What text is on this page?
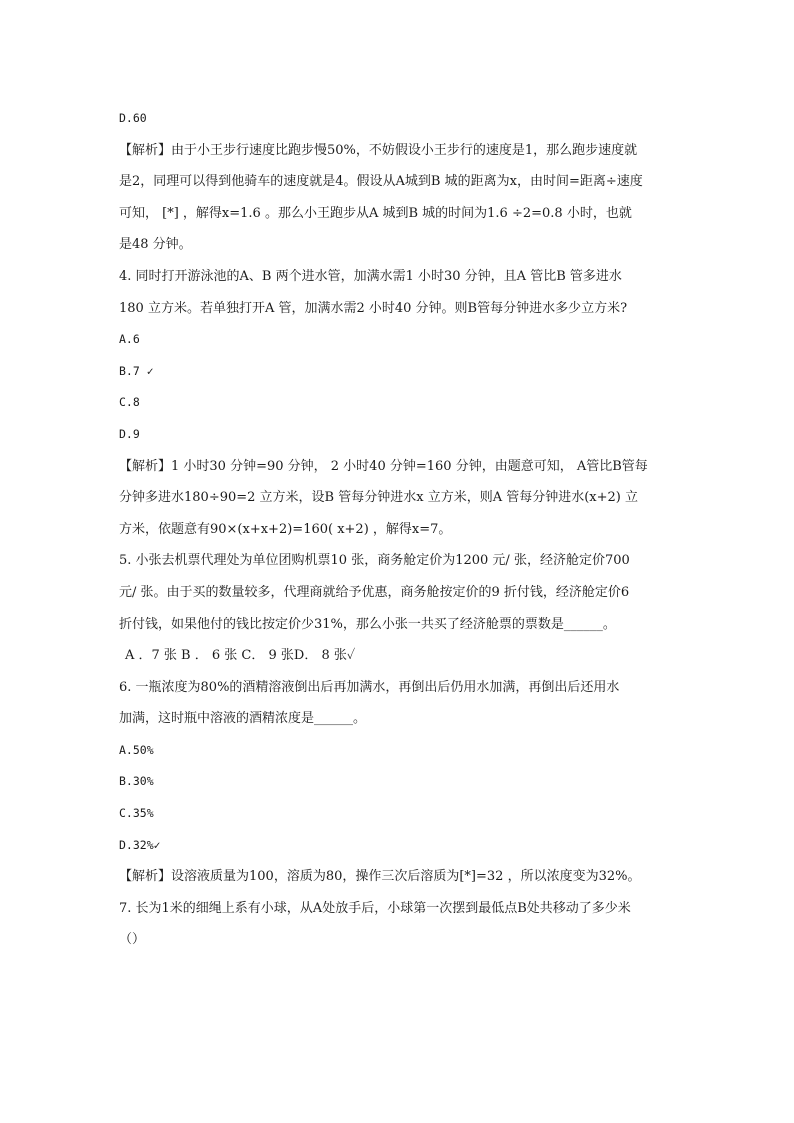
D.60
【解析】由于小王步行速度比跑步慢50%，不妨假设小王步行的速度是1，那么跑步速度就
是2，同理可以得到他骑车的速度就是4。假设从A城到B 城的距离为x，由时间=距离÷速度
可知， [*] ，解得x=1.6 。那么小王跑步从A 城到B 城的时间为1.6 ÷2=0.8 小时，也就
是48 分钟。
4. 同时打开游泳池的A、B 两个进水管，加满水需1 小时30 分钟，且A 管比B 管多进水
180 立方米。若单独打开A 管，加满水需2 小时40 分钟。则B管每分钟进水多少立方米?
A.6
B.7 ✓
C.8
D.9
【解析】1 小时30 分钟=90 分钟， 2 小时40 分钟=160 分钟，由题意可知， A管比B管每
分钟多进水180÷90=2 立方米，设B 管每分钟进水x 立方米，则A 管每分钟进水(x+2) 立
方米，依题意有90×(x+x+2)=160( x+2) ，解得x=7。
5. 小张去机票代理处为单位团购机票10 张，商务舱定价为1200 元/ 张，经济舱定价700
元/ 张。由于买的数量较多，代理商就给予优惠，商务舱按定价的9 折付钱，经济舱定价6
折付钱，如果他付的钱比按定价少31%，那么小张一共买了经济舱票的票数是______。
A ．7 张 B ． 6 张 C． 9 张D． 8 张✓
6. 一瓶浓度为80%的酒精溶液倒出后再加满水，再倒出后仍用水加满，再倒出后还用水
加满，这时瓶中溶液的酒精浓度是______。
A.50%
B.30%
C.35%
D.32%✓
【解析】设溶液质量为100，溶质为80，操作三次后溶质为[*]=32 ，所以浓度变为32%。
7. 长为1米的细绳上系有小球，从A处放手后，小球第一次摆到最低点B处共移动了多少米
（）
